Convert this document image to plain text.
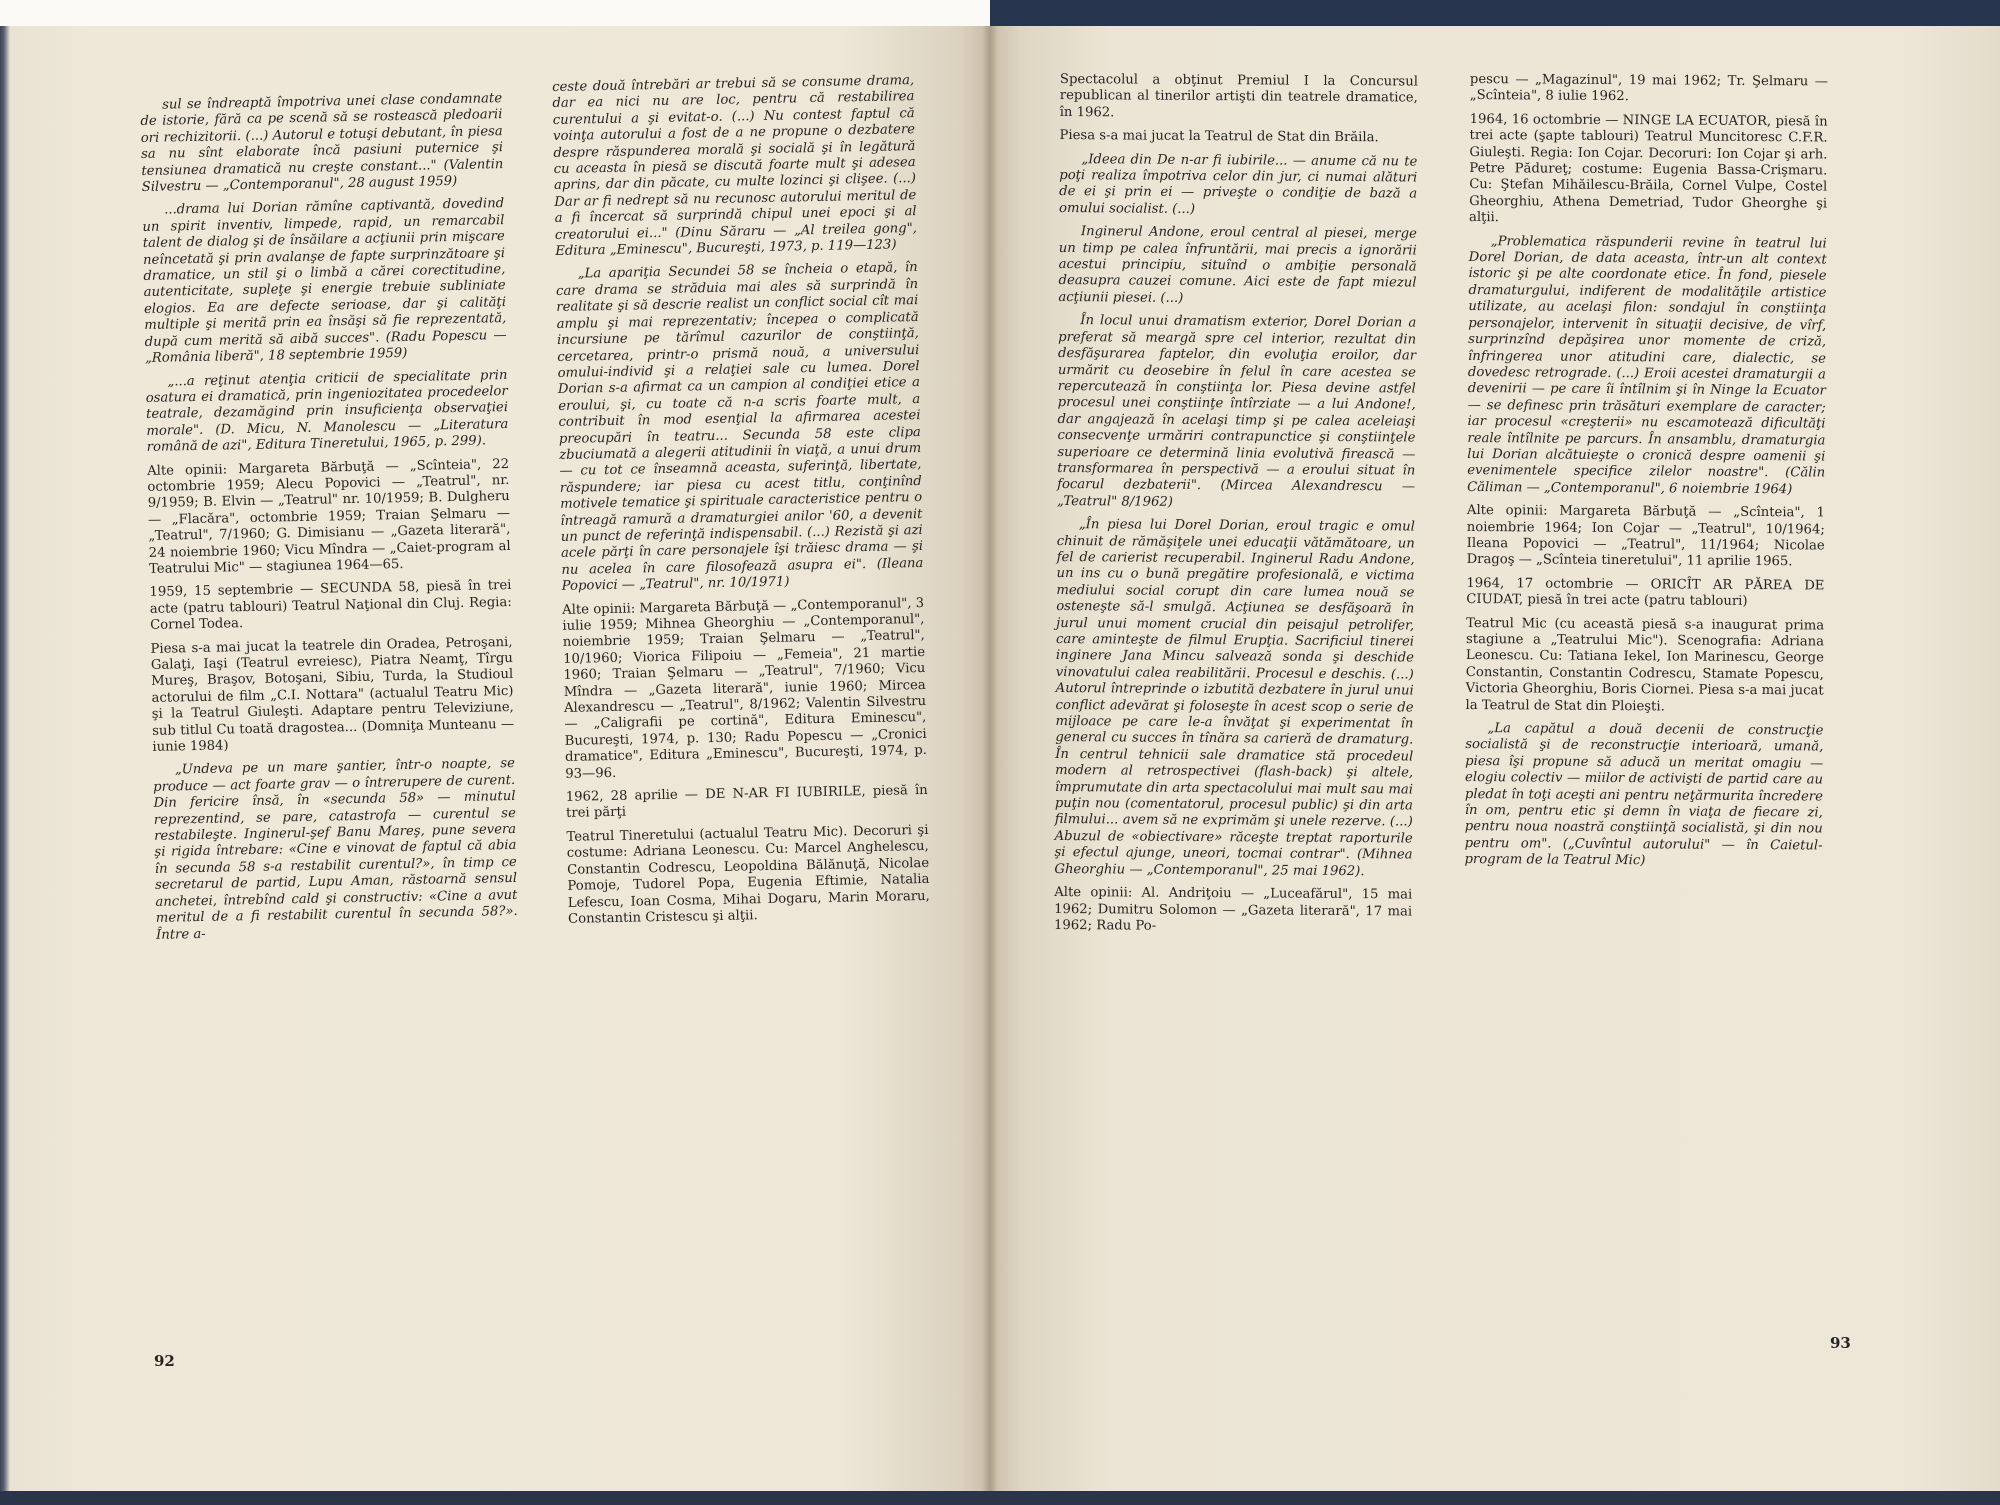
sul se îndreaptă împotriva unei clase condamnate de istorie, fără ca pe scenă să se rostească pledoarii ori rechizitorii. (...) Autorul e totuşi debutant, în piesa sa nu sînt elaborate încă pasiuni puternice şi tensiunea dramatică nu creşte constant..." (Valentin Silvestru — „Contemporanul", 28 august 1959)

...drama lui Dorian rămîne captivantă, dovedind un spirit inventiv, limpede, rapid, un remarcabil talent de dialog şi de însăilare a acţiunii prin mişcare neîncetată şi prin avalanşe de fapte surprinzătoare şi dramatice, un stil şi o limbă a cărei corectitudine, autenticitate, supleţe şi energie trebuie subliniate elogios. Ea are defecte serioase, dar şi calităţi multiple şi meritã prin ea însăşi să fie reprezentată, după cum merită să aibă succes". (Radu Popescu — „România liberă", 18 septembrie 1959)

„...a reţinut atenţia criticii de specialitate prin osatura ei dramatică, prin ingeniozitatea procedeelor teatrale, dezamăgind prin insuficienţa observaţiei morale". (D. Micu, N. Manolescu — „Literatura română de azi", Editura Tineretului, 1965, p. 299).

Alte opinii: Margareta Bărbuţă — „Scînteia", 22 octombrie 1959; Alecu Popovici — „Teatrul", nr. 9/1959; B. Elvin — „Teatrul" nr. 10/1959; B. Dulgheru — „Flacăra", octombrie 1959; Traian Şelmaru — „Teatrul", 7/1960; G. Dimisianu — „Gazeta literară", 24 noiembrie 1960; Vicu Mîndra — „Caiet-program al Teatrului Mic" — stagiunea 1964—65.

1959, 15 septembrie — SECUNDA 58, piesă în trei acte (patru tablouri) Teatrul Naţional din Cluj. Regia: Cornel Todea.

Piesa s-a mai jucat la teatrele din Oradea, Petroşani, Galaţi, Iaşi (Teatrul evreiesc), Piatra Neamţ, Tîrgu Mureş, Braşov, Botoşani, Sibiu, Turda, la Studioul actorului de film „C.I. Nottara" (actualul Teatru Mic) şi la Teatrul Giuleşti. Adaptare pentru Televiziune, sub titlul Cu toată dragostea... (Domniţa Munteanu — iunie 1984)

„Undeva pe un mare şantier, într-o noapte, se produce — act foarte grav — o întrerupere de curent. Din fericire însă, în «secunda 58» — minutul reprezentind, se pare, catastrofa — curentul se restabileşte. Inginerul-şef Banu Mareş, pune severa şi rigida întrebare: «Cine e vinovat de faptul că abia în secunda 58 s-a restabilit curentul?», în timp ce secretarul de partid, Lupu Aman, răstoarnă sensul anchetei, întrebînd cald şi constructiv: «Cine a avut meritul de a fi restabilit curentul în secunda 58?». Între a-

ceste două întrebări ar trebui să se consume drama, dar ea nici nu are loc, pentru că restabilirea curentului a şi evitat-o. (...) Nu contest faptul că voinţa autorului a fost de a ne propune o dezbatere despre răspunderea morală şi socială şi în legătură cu aceasta în piesă se discută foarte mult şi adesea aprins, dar din păcate, cu multe lozinci şi clişee. (...) Dar ar fi nedrept să nu recunosc autorului meritul de a fi încercat să surprindă chipul unei epoci şi al creatorului ei..." (Dinu Săraru — „Al treilea gong", Editura „Eminescu", Bucureşti, 1973, p. 119—123)

„La apariţia Secundei 58 se încheia o etapă, în care drama se străduia mai ales să surprindă în realitate şi să descrie realist un conflict social cît mai amplu şi mai reprezentativ; începea o complicată incursiune pe tărîmul cazurilor de conştiinţă, cercetarea, printr-o prismă nouă, a universului omului-individ şi a relaţiei sale cu lumea. Dorel Dorian s-a afirmat ca un campion al condiţiei etice a eroului, şi, cu toate că n-a scris foarte mult, a contribuit în mod esenţial la afirmarea acestei preocupări în teatru... Secunda 58 este clipa zbuciumată a alegerii atitudinii în viaţă, a unui drum — cu tot ce înseamnă aceasta, suferinţă, libertate, răspundere; iar piesa cu acest titlu, conţinînd motivele tematice şi spirituale caracteristice pentru o întreagă ramură a dramaturgiei anilor '60, a devenit un punct de referinţă indispensabil. (...) Rezistă şi azi acele părţi în care personajele îşi trăiesc drama — şi nu acelea în care filosofează asupra ei". (Ileana Popovici — „Teatrul", nr. 10/1971)

Alte opinii: Margareta Bărbuţă — „Contemporanul", 3 iulie 1959; Mihnea Gheorghiu — „Contemporanul", noiembrie 1959; Traian Şelmaru — „Teatrul", 10/1960; Viorica Filipoiu — „Femeia", 21 martie 1960; Traian Şelmaru — „Teatrul", 7/1960; Vicu Mîndra — „Gazeta literară", iunie 1960; Mircea Alexandrescu — „Teatrul", 8/1962; Valentin Silvestru — „Caligrafii pe cortină", Editura Eminescu", Bucureşti, 1974, p. 130; Radu Popescu — „Cronici dramatice", Editura „Eminescu", Bucureşti, 1974, p. 93—96.

1962, 28 aprilie — DE N-AR FI IUBIRILE, piesă în trei părţi

Teatrul Tineretului (actualul Teatru Mic). Decoruri şi costume: Adriana Leonescu. Cu: Marcel Anghelescu, Constantin Codrescu, Leopoldina Bălănuţă, Nicolae Pomoje, Tudorel Popa, Eugenia Eftimie, Natalia Lefescu, Ioan Cosma, Mihai Dogaru, Marin Moraru, Constantin Cristescu şi alţii.

Spectacolul a obţinut Premiul I la Concursul republican al tinerilor artişti din teatrele dramatice, în 1962.

Piesa s-a mai jucat la Teatrul de Stat din Brăila.

„Ideea din De n-ar fi iubirile... — anume că nu te poţi realiza împotriva celor din jur, ci numai alături de ei şi prin ei — priveşte o condiţie de bază a omului socialist. (...)

Inginerul Andone, eroul central al piesei, merge un timp pe calea înfruntării, mai precis a ignorării acestui principiu, situînd o ambiţie personală deasupra cauzei comune. Aici este de fapt miezul acţiunii piesei. (...)

În locul unui dramatism exterior, Dorel Dorian a preferat să meargă spre cel interior, rezultat din desfăşurarea faptelor, din evoluţia eroilor, dar urmărit cu deosebire în felul în care acestea se repercutează în conştiinţa lor. Piesa devine astfel procesul unei conştiinţe întîrziate — a lui Andone!, dar angajează în acelaşi timp şi pe calea aceleiaşi consecvenţe urmăriri contrapunctice şi conştiinţele superioare ce determină linia evolutivă firească — transformarea în perspectivă — a eroului situat în focarul dezbaterii". (Mircea Alexandrescu — „Teatrul" 8/1962)

„În piesa lui Dorel Dorian, eroul tragic e omul chinuit de rămăşiţele unei educaţii vătămătoare, un fel de carierist recuperabil. Inginerul Radu Andone, un ins cu o bună pregătire profesională, e victima mediului social corupt din care lumea nouă se osteneşte să-l smulgă. Acţiunea se desfăşoară în jurul unui moment crucial din peisajul petrolifer, care aminteşte de filmul Erupţia. Sacrificiul tinerei inginere Jana Mincu salvează sonda şi deschide vinovatului calea reabilitării. Procesul e deschis. (...) Autorul întreprinde o izbutită dezbatere în jurul unui conflict adevărat şi foloseşte în acest scop o serie de mijloace pe care le-a învăţat şi experimentat în general cu succes în tînăra sa carieră de dramaturg. În centrul tehnicii sale dramatice stă procedeul modern al retrospectivei (flash-back) şi altele, împrumutate din arta spectacolului mai mult sau mai puţin nou (comentatorul, procesul public) şi din arta filmului... avem să ne exprimăm şi unele rezerve. (...) Abuzul de «obiectivare» răceşte treptat raporturile şi efectul ajunge, uneori, tocmai contrar". (Mihnea Gheorghiu — „Contemporanul", 25 mai 1962).

Alte opinii: Al. Andriţoiu — „Luceafărul", 15 mai 1962; Dumitru Solomon — „Gazeta literară", 17 mai 1962; Radu Po-

pescu — „Magazinul", 19 mai 1962; Tr. Şelmaru — „Scînteia", 8 iulie 1962.

1964, 16 octombrie — NINGE LA ECUATOR, piesă în trei acte (şapte tablouri) Teatrul Muncitoresc C.F.R. Giuleşti. Regia: Ion Cojar. Decoruri: Ion Cojar şi arh. Petre Pădureţ; costume: Eugenia Bassa-Crişmaru. Cu: Ştefan Mihăilescu-Brăila, Cornel Vulpe, Costel Gheorghiu, Athena Demetriad, Tudor Gheorghe şi alţii.

„Problematica răspunderii revine în teatrul lui Dorel Dorian, de data aceasta, într-un alt context istoric şi pe alte coordonate etice. În fond, piesele dramaturgului, indiferent de modalităţile artistice utilizate, au acelaşi filon: sondajul în conştiinţa personajelor, intervenit în situaţii decisive, de vîrf, surprinzînd depăşirea unor momente de criză, înfringerea unor atitudini care, dialectic, se dovedesc retrograde. (...) Eroii acestei dramaturgii a devenirii — pe care îi întîlnim şi în Ninge la Ecuator — se definesc prin trăsături exemplare de caracter; iar procesul «creşterii» nu escamotează dificultăţi reale întîlnite pe parcurs. În ansamblu, dramaturgia lui Dorian alcătuieşte o cronică despre oamenii şi evenimentele specifice zilelor noastre". (Călin Căliman — „Contemporanul", 6 noiembrie 1964)

Alte opinii: Margareta Bărbuţă — „Scînteia", 1 noiembrie 1964; Ion Cojar — „Teatrul", 10/1964; Ileana Popovici — „Teatrul", 11/1964; Nicolae Dragoş — „Scînteia tineretului", 11 aprilie 1965.

1964, 17 octombrie — ORICÎT AR PĂREA DE CIUDAT, piesă în trei acte (patru tablouri)

Teatrul Mic (cu această piesă s-a inaugurat prima stagiune a „Teatrului Mic"). Scenografia: Adriana Leonescu. Cu: Tatiana Iekel, Ion Marinescu, George Constantin, Constantin Codrescu, Stamate Popescu, Victoria Gheorghiu, Boris Ciornei. Piesa s-a mai jucat la Teatrul de Stat din Ploieşti.

„La capătul a două decenii de construcţie socialistă şi de reconstrucţie interioară, umană, piesa îşi propune să aducă un meritat omagiu — elogiu colectiv — miilor de activişti de partid care au pledat în toţi aceşti ani pentru neţărmurita încredere în om, pentru etic şi demn în viaţa de fiecare zi, pentru noua noastră conştiinţă socialistă, şi din nou pentru om". („Cuvîntul autorului" — în Caietul-program de la Teatrul Mic)

92
93
